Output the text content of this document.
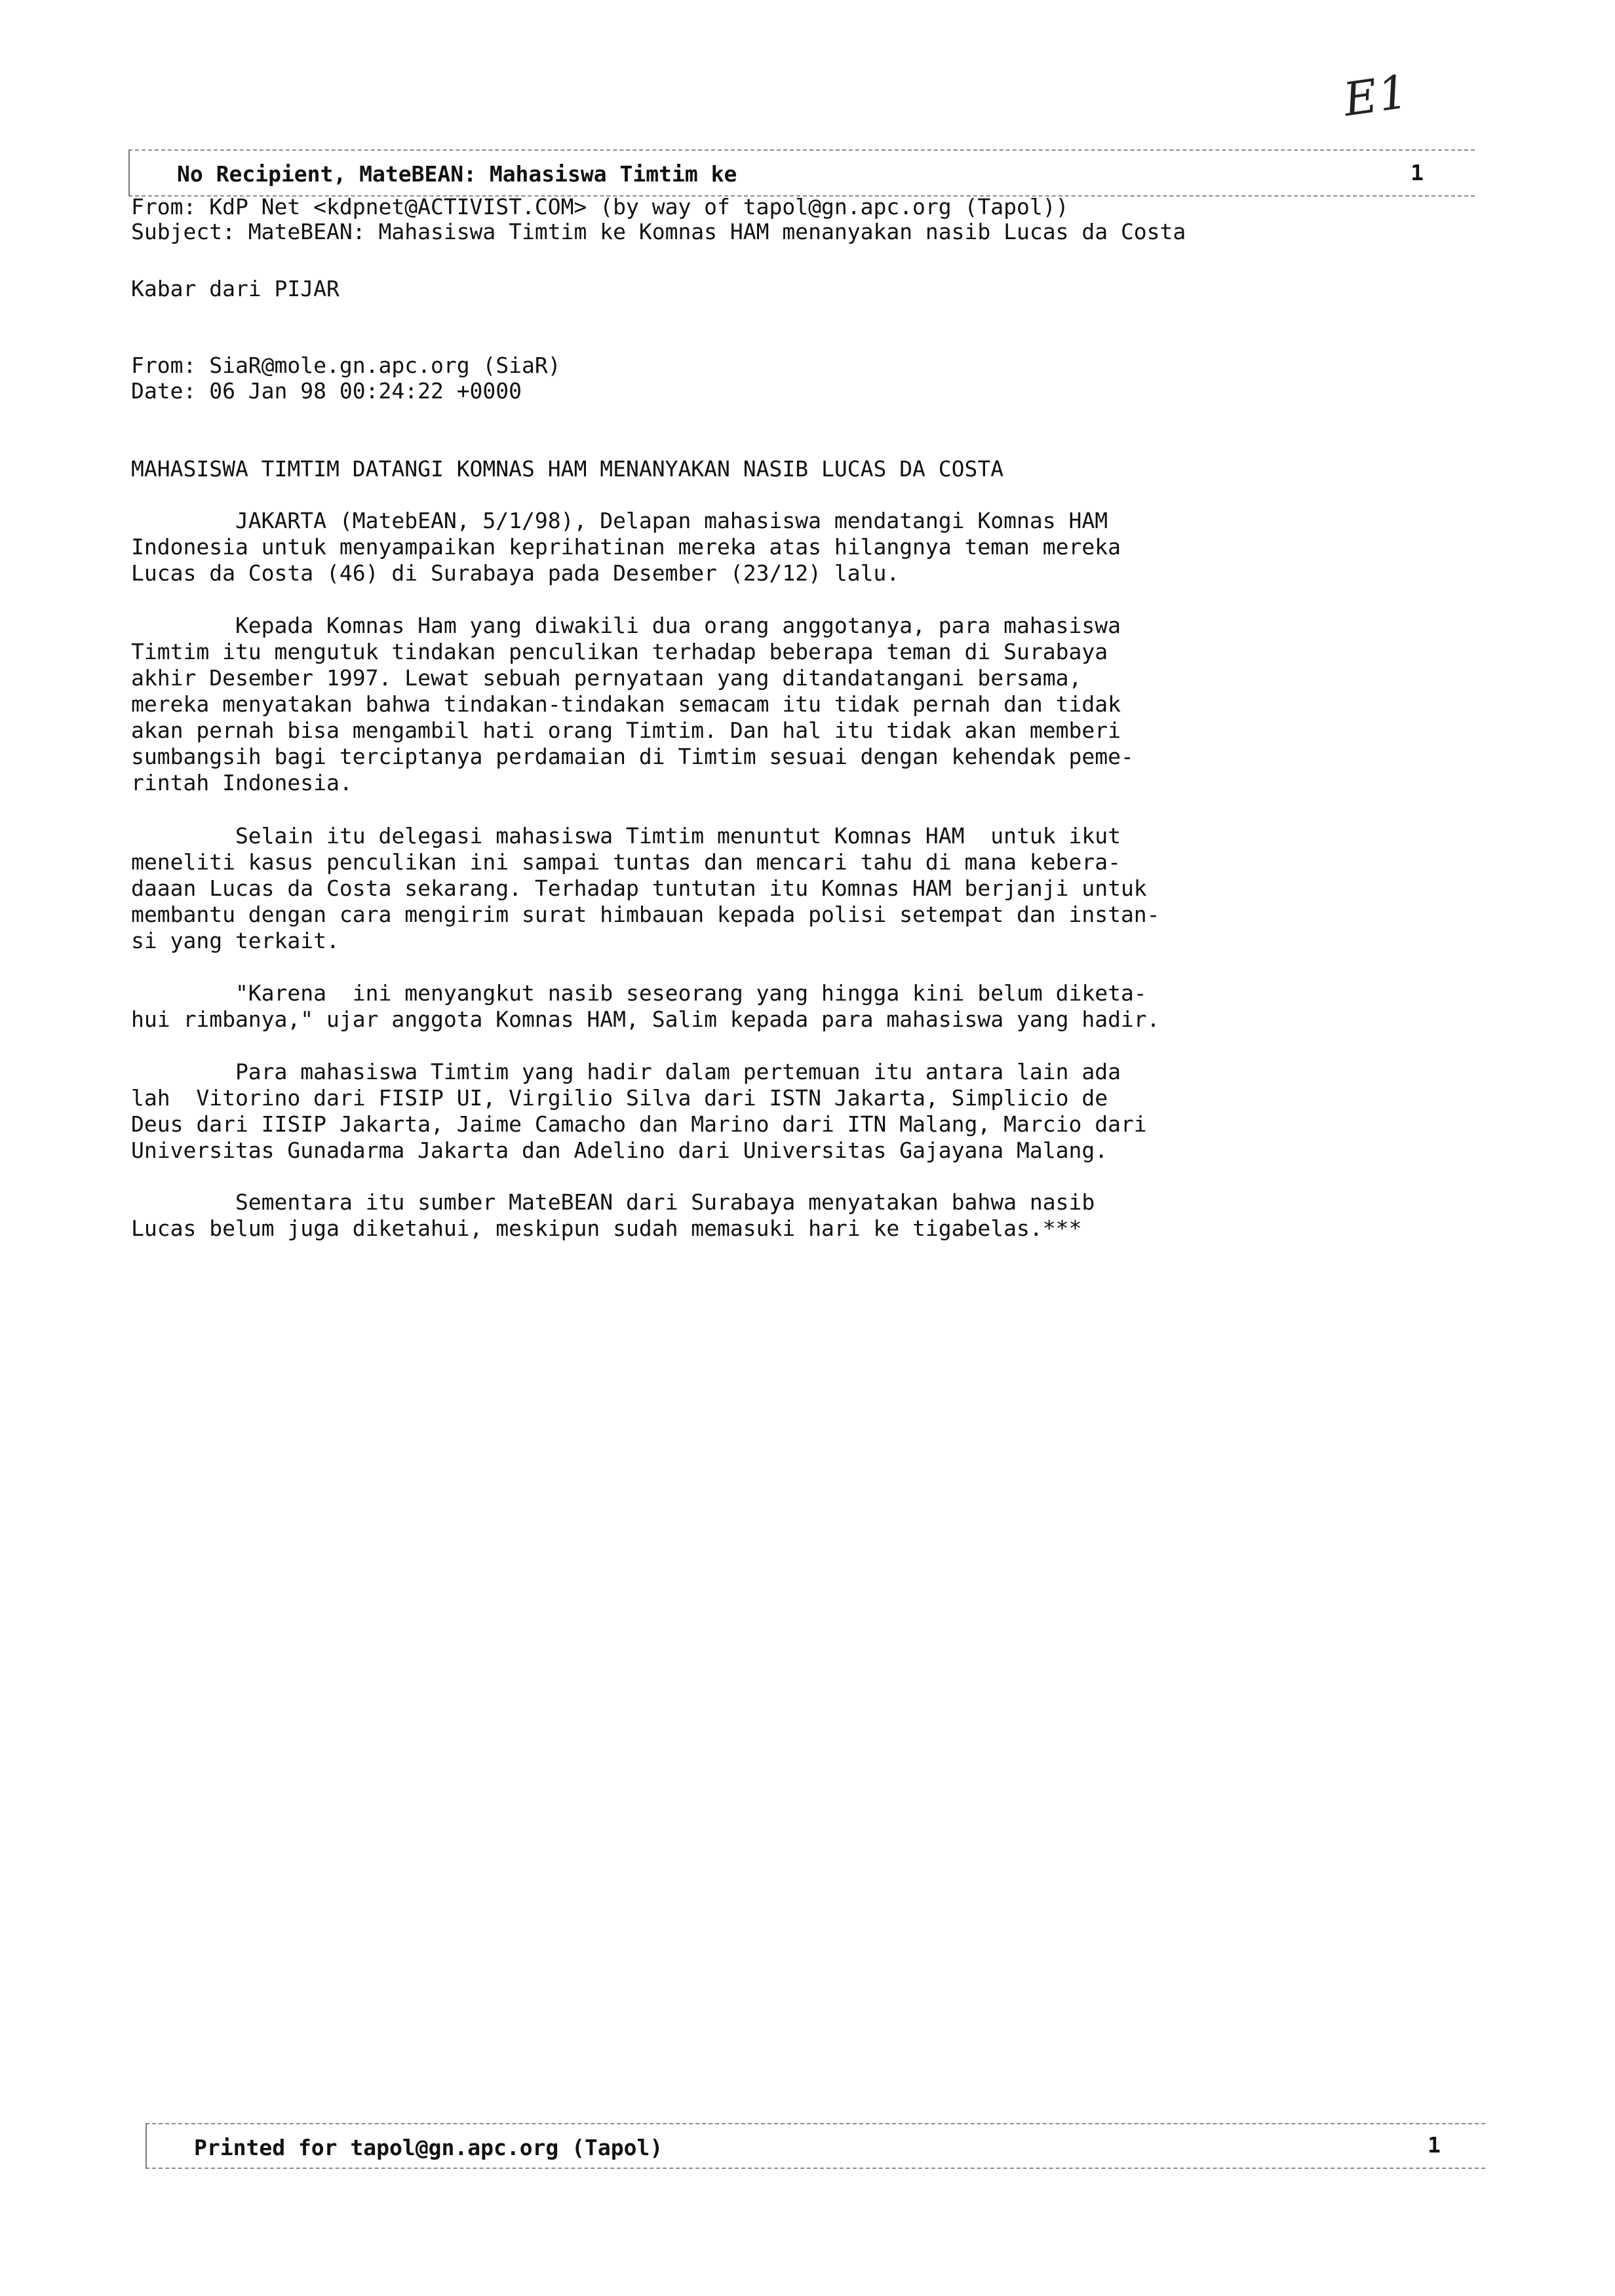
E1
No Recipient, MateBEAN: Mahasiswa Timtim ke	1
From: KdP Net <kdpnet@ACTIVIST.COM> (by way of tapol@gn.apc.org (Tapol))
Subject: MateBEAN: Mahasiswa Timtim ke Komnas HAM menanyakan nasib Lucas da Costa
Kabar dari PIJAR
From: SiaR@mole.gn.apc.org (SiaR)
Date: 06 Jan 98 00:24:22 +0000
MAHASISWA TIMTIM DATANGI KOMNAS HAM MENANYAKAN NASIB LUCAS DA COSTA
JAKARTA (MatebEAN, 5/1/98), Delapan mahasiswa mendatangi Komnas HAM
Indonesia untuk menyampaikan keprihatinan mereka atas hilangnya teman mereka
Lucas da Costa (46) di Surabaya pada Desember (23/12) lalu.
Kepada Komnas Ham yang diwakili dua orang anggotanya, para mahasiswa
Timtim itu mengutuk tindakan penculikan terhadap beberapa teman di Surabaya
akhir Desember 1997. Lewat sebuah pernyataan yang ditandatangani bersama,
mereka menyatakan bahwa tindakan-tindakan semacam itu tidak pernah dan tidak
akan pernah bisa mengambil hati orang Timtim. Dan hal itu tidak akan memberi
sumbangsih bagi terciptanya perdamaian di Timtim sesuai dengan kehendak peme-
rintah Indonesia.
Selain itu delegasi mahasiswa Timtim menuntut Komnas HAM  untuk ikut
meneliti kasus penculikan ini sampai tuntas dan mencari tahu di mana kebera-
daaan Lucas da Costa sekarang. Terhadap tuntutan itu Komnas HAM berjanji untuk
membantu dengan cara mengirim surat himbauan kepada polisi setempat dan instan-
si yang terkait.
"Karena  ini menyangkut nasib seseorang yang hingga kini belum diketa-
hui rimbanya," ujar anggota Komnas HAM, Salim kepada para mahasiswa yang hadir.
Para mahasiswa Timtim yang hadir dalam pertemuan itu antara lain ada
lah  Vitorino dari FISIP UI, Virgilio Silva dari ISTN Jakarta, Simplicio de
Deus dari IISIP Jakarta, Jaime Camacho dan Marino dari ITN Malang, Marcio dari
Universitas Gunadarma Jakarta dan Adelino dari Universitas Gajayana Malang.
Sementara itu sumber MateBEAN dari Surabaya menyatakan bahwa nasib
Lucas belum juga diketahui, meskipun sudah memasuki hari ke tigabelas.***
Printed for tapol@gn.apc.org (Tapol)	1
